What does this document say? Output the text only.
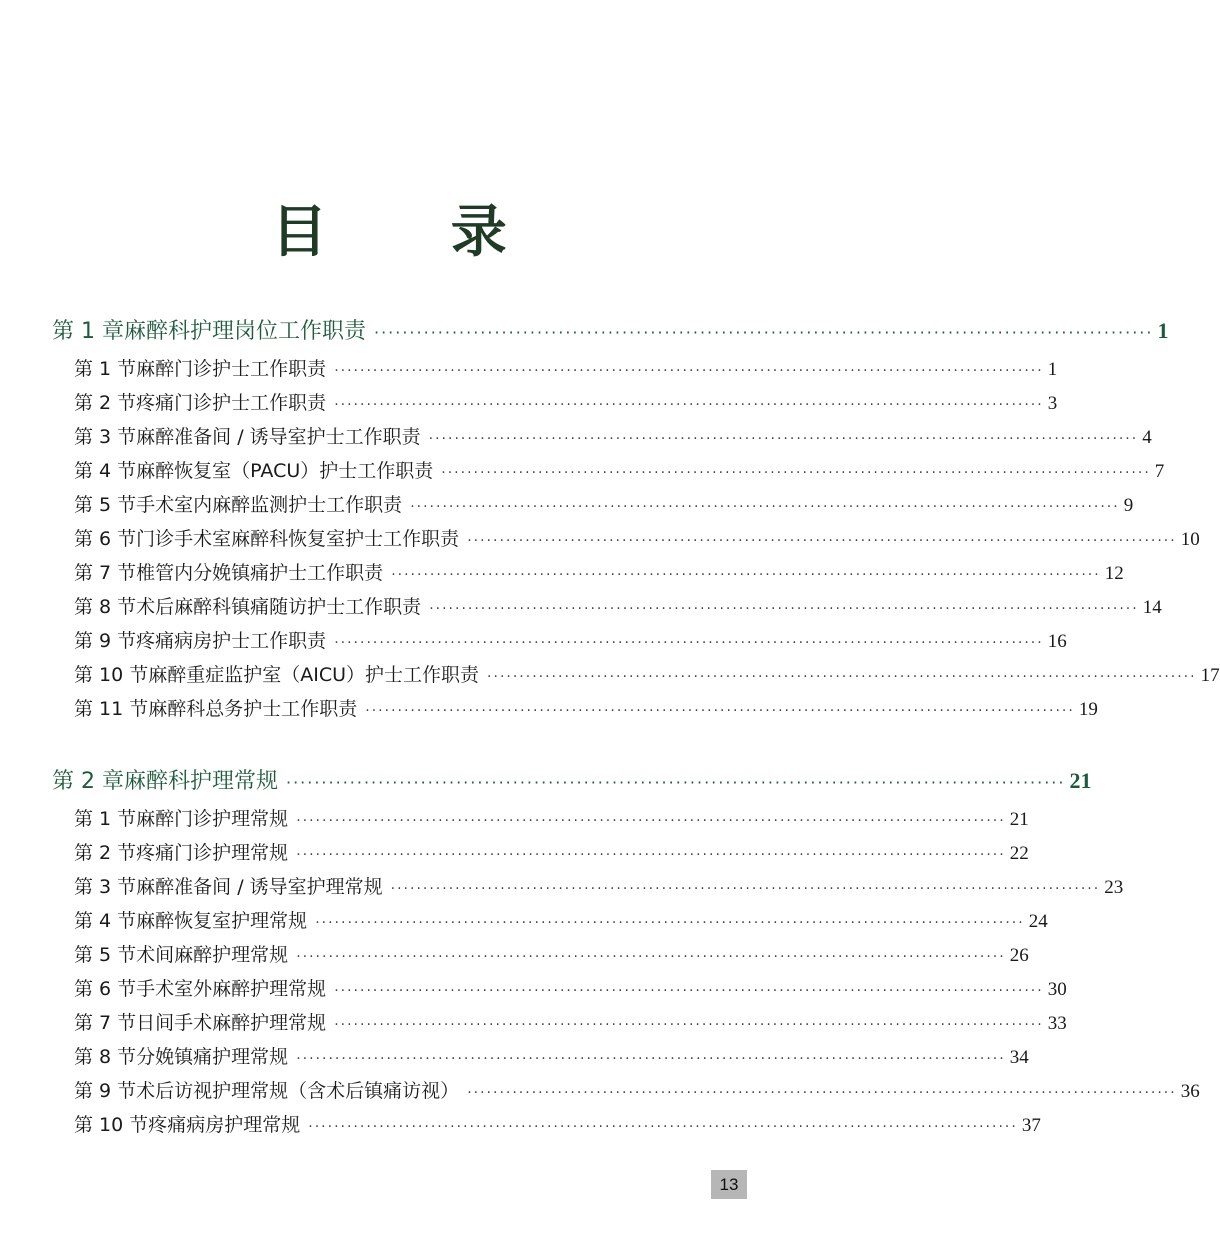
目 录
第 1 章 麻醉科护理岗位工作职责 ·············································································································· 1
第 1 节 麻醉门诊护士工作职责 ·············································································································· 1
第 2 节 疼痛门诊护士工作职责 ·············································································································· 3
第 3 节 麻醉准备间 / 诱导室护士工作职责 ·············································································································· 4
第 4 节 麻醉恢复室（PACU）护士工作职责 ·············································································································· 7
第 5 节 手术室内麻醉监测护士工作职责 ·············································································································· 9
第 6 节 门诊手术室麻醉科恢复室护士工作职责 ·············································································································· 10
第 7 节 椎管内分娩镇痛护士工作职责 ·············································································································· 12
第 8 节 术后麻醉科镇痛随访护士工作职责 ·············································································································· 14
第 9 节 疼痛病房护士工作职责 ·············································································································· 16
第 10 节 麻醉重症监护室（AICU）护士工作职责 ·············································································································· 17
第 11 节 麻醉科总务护士工作职责 ·············································································································· 19
第 2 章 麻醉科护理常规 ·············································································································· 21
第 1 节 麻醉门诊护理常规 ·············································································································· 21
第 2 节 疼痛门诊护理常规 ·············································································································· 22
第 3 节 麻醉准备间 / 诱导室护理常规 ·············································································································· 23
第 4 节 麻醉恢复室护理常规 ·············································································································· 24
第 5 节 术间麻醉护理常规 ·············································································································· 26
第 6 节 手术室外麻醉护理常规 ·············································································································· 30
第 7 节 日间手术麻醉护理常规 ·············································································································· 33
第 8 节 分娩镇痛护理常规 ·············································································································· 34
第 9 节 术后访视护理常规（含术后镇痛访视） ·············································································································· 36
第 10 节 疼痛病房护理常规 ·············································································································· 37
13
